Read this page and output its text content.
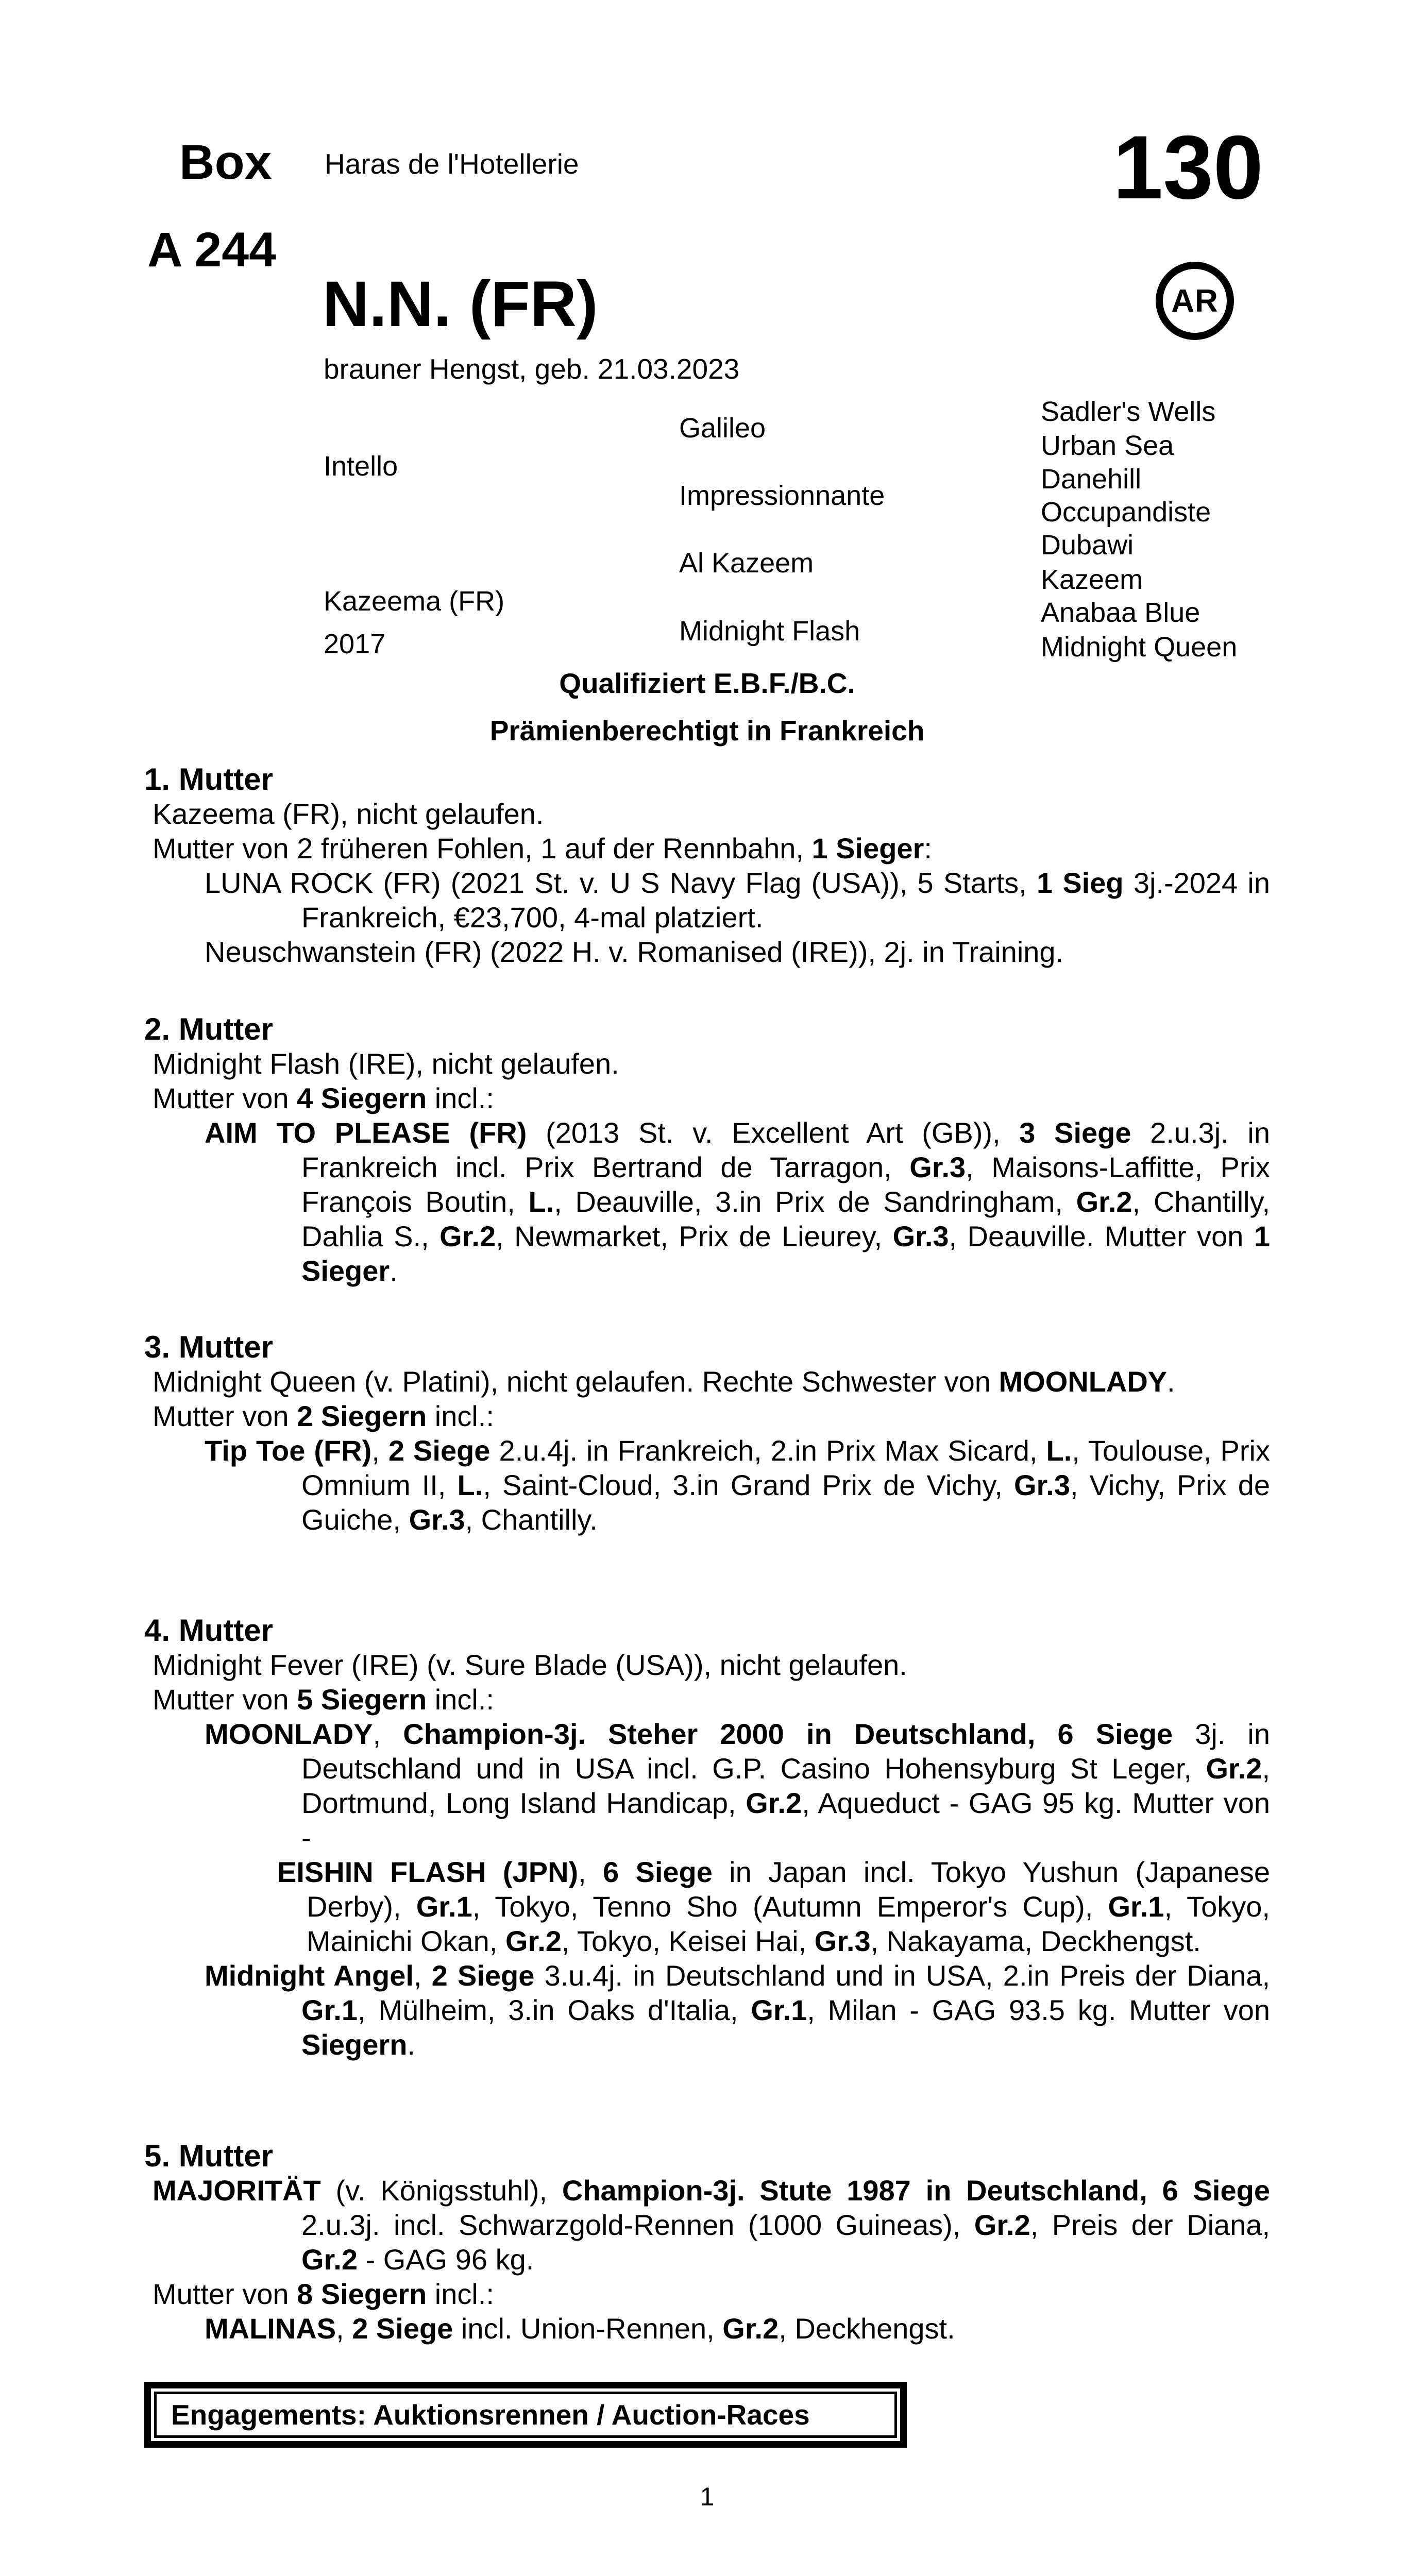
Box
A 244
Haras de l'Hotellerie	130
AR
N.N. (FR)
brauner Hengst, geb. 21.03.2023
Intello
Kazeema (FR)
2017
Galileo
Impressionnante
Al Kazeem
Midnight Flash
Sadler's Wells
Urban Sea
Danehill
Occupandiste
Dubawi
Kazeem
Anabaa Blue
Midnight Queen
Qualifiziert E.B.F./B.C.
Prämienberechtigt in Frankreich
1. Mutter

Kazeema (FR), nicht gelaufen.

Mutter von 2 früheren Fohlen, 1 auf der Rennbahn, 1 Sieger:

LUNA ROCK (FR) (2021 St. v. U S Navy Flag (USA)), 5 Starts, 1 Sieg 3j.-2024 in Frankreich, €23,700, 4-mal platziert.

Neuschwanstein (FR) (2022 H. v. Romanised (IRE)), 2j. in Training.

2. Mutter

Midnight Flash (IRE), nicht gelaufen.

Mutter von 4 Siegern incl.:

AIM TO PLEASE (FR) (2013 St. v. Excellent Art (GB)), 3 Siege 2.u.3j. in Frankreich incl. Prix Bertrand de Tarragon, Gr.3, Maisons-Laffitte, Prix François Boutin, L., Deauville, 3.in Prix de Sandringham, Gr.2, Chantilly, Dahlia S., Gr.2, Newmarket, Prix de Lieurey, Gr.3, Deauville. Mutter von 1 Sieger.

3. Mutter

Midnight Queen (v. Platini), nicht gelaufen. Rechte Schwester von MOONLADY.

Mutter von 2 Siegern incl.:

Tip Toe (FR), 2 Siege 2.u.4j. in Frankreich, 2.in Prix Max Sicard, L., Toulouse, Prix Omnium II, L., Saint-Cloud, 3.in Grand Prix de Vichy, Gr.3, Vichy, Prix de Guiche, Gr.3, Chantilly.

4. Mutter

Midnight Fever (IRE) (v. Sure Blade (USA)), nicht gelaufen.

Mutter von 5 Siegern incl.:

MOONLADY, Champion-3j. Steher 2000 in Deutschland, 6 Siege 3j. in Deutschland und in USA incl. G.P. Casino Hohensyburg St Leger, Gr.2, Dortmund, Long Island Handicap, Gr.2, Aqueduct - GAG 95 kg. Mutter von -

EISHIN FLASH (JPN), 6 Siege in Japan incl. Tokyo Yushun (Japanese Derby), Gr.1, Tokyo, Tenno Sho (Autumn Emperor's Cup), Gr.1, Tokyo, Mainichi Okan, Gr.2, Tokyo, Keisei Hai, Gr.3, Nakayama, Deckhengst.

Midnight Angel, 2 Siege 3.u.4j. in Deutschland und in USA, 2.in Preis der Diana, Gr.1, Mülheim, 3.in Oaks d'Italia, Gr.1, Milan - GAG 93.5 kg. Mutter von Siegern.

5. Mutter

MAJORITÄT (v. Königsstuhl), Champion-3j. Stute 1987 in Deutschland, 6 Siege 2.u.3j. incl. Schwarzgold-Rennen (1000 Guineas), Gr.2, Preis der Diana, Gr.2 - GAG 96 kg.

Mutter von 8 Siegern incl.:

MALINAS, 2 Siege incl. Union-Rennen, Gr.2, Deckhengst.

Engagements: Auktionsrennen / Auction-Races
1
